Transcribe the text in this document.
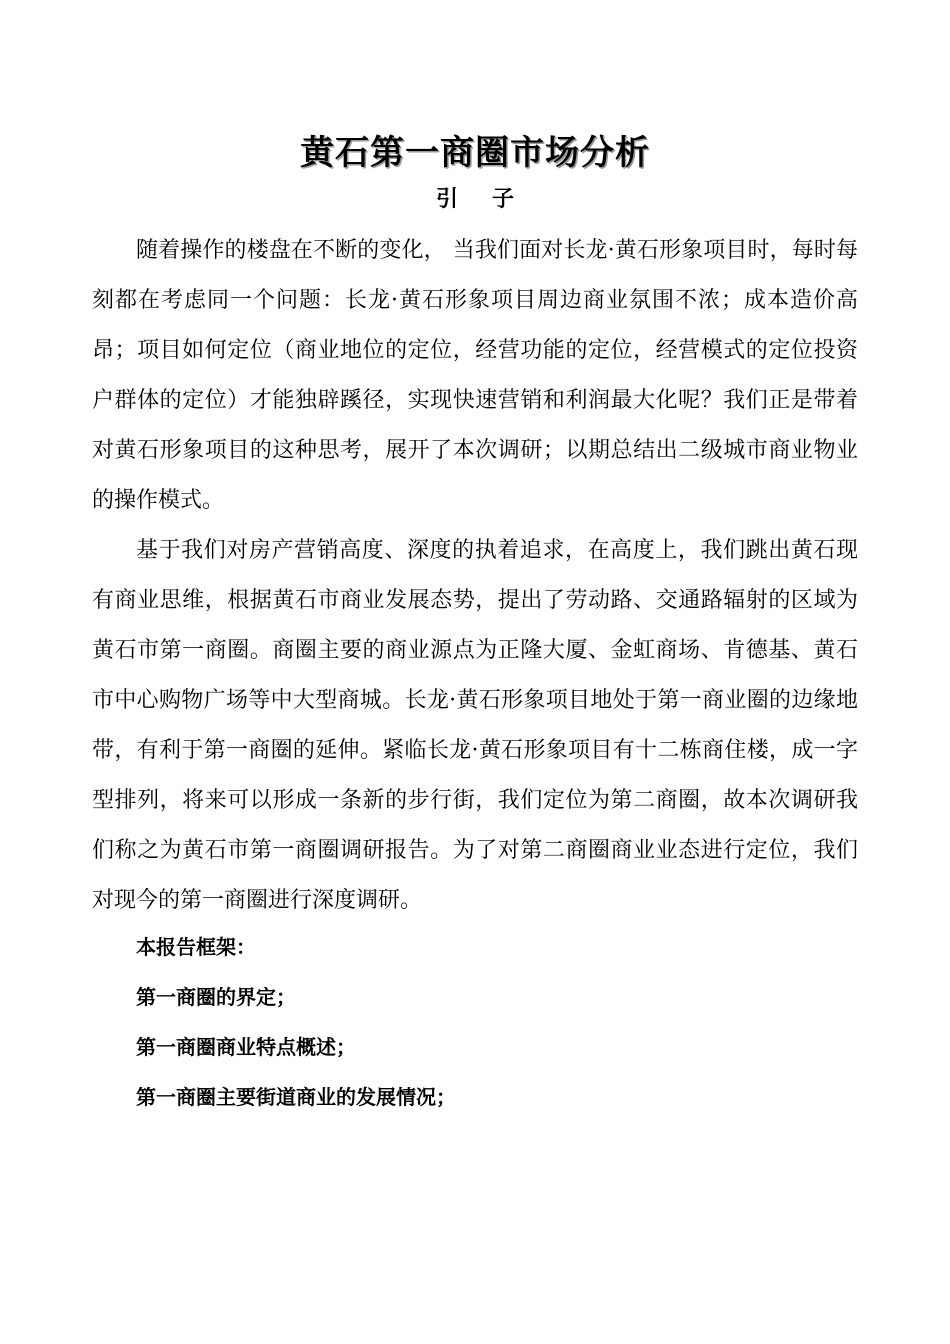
黄石第一商圈市场分析
引子

随着操作的楼盘在不断的变化， 当我们面对长龙·黄石形象项目时，每时每刻都在考虑同一个问题：长龙·黄石形象项目周边商业氛围不浓；成本造价高昂；项目如何定位（商业地位的定位，经营功能的定位，经营模式的定位投资户群体的定位）才能独辟蹊径，实现快速营销和利润最大化呢？我们正是带着对黄石形象项目的这种思考，展开了本次调研；以期总结出二级城市商业物业的操作模式。

基于我们对房产营销高度、深度的执着追求，在高度上，我们跳出黄石现有商业思维，根据黄石市商业发展态势，提出了劳动路、交通路辐射的区域为黄石市第一商圈。商圈主要的商业源点为正隆大厦、金虹商场、肯德基、黄石市中心购物广场等中大型商城。长龙·黄石形象项目地处于第一商业圈的边缘地带，有利于第一商圈的延伸。紧临长龙·黄石形象项目有十二栋商住楼，成一字型排列，将来可以形成一条新的步行街，我们定位为第二商圈，故本次调研我们称之为黄石市第一商圈调研报告。为了对第二商圈商业业态进行定位，我们对现今的第一商圈进行深度调研。

本报告框架：
第一商圈的界定；
第一商圈商业特点概述；
第一商圈主要街道商业的发展情况；
